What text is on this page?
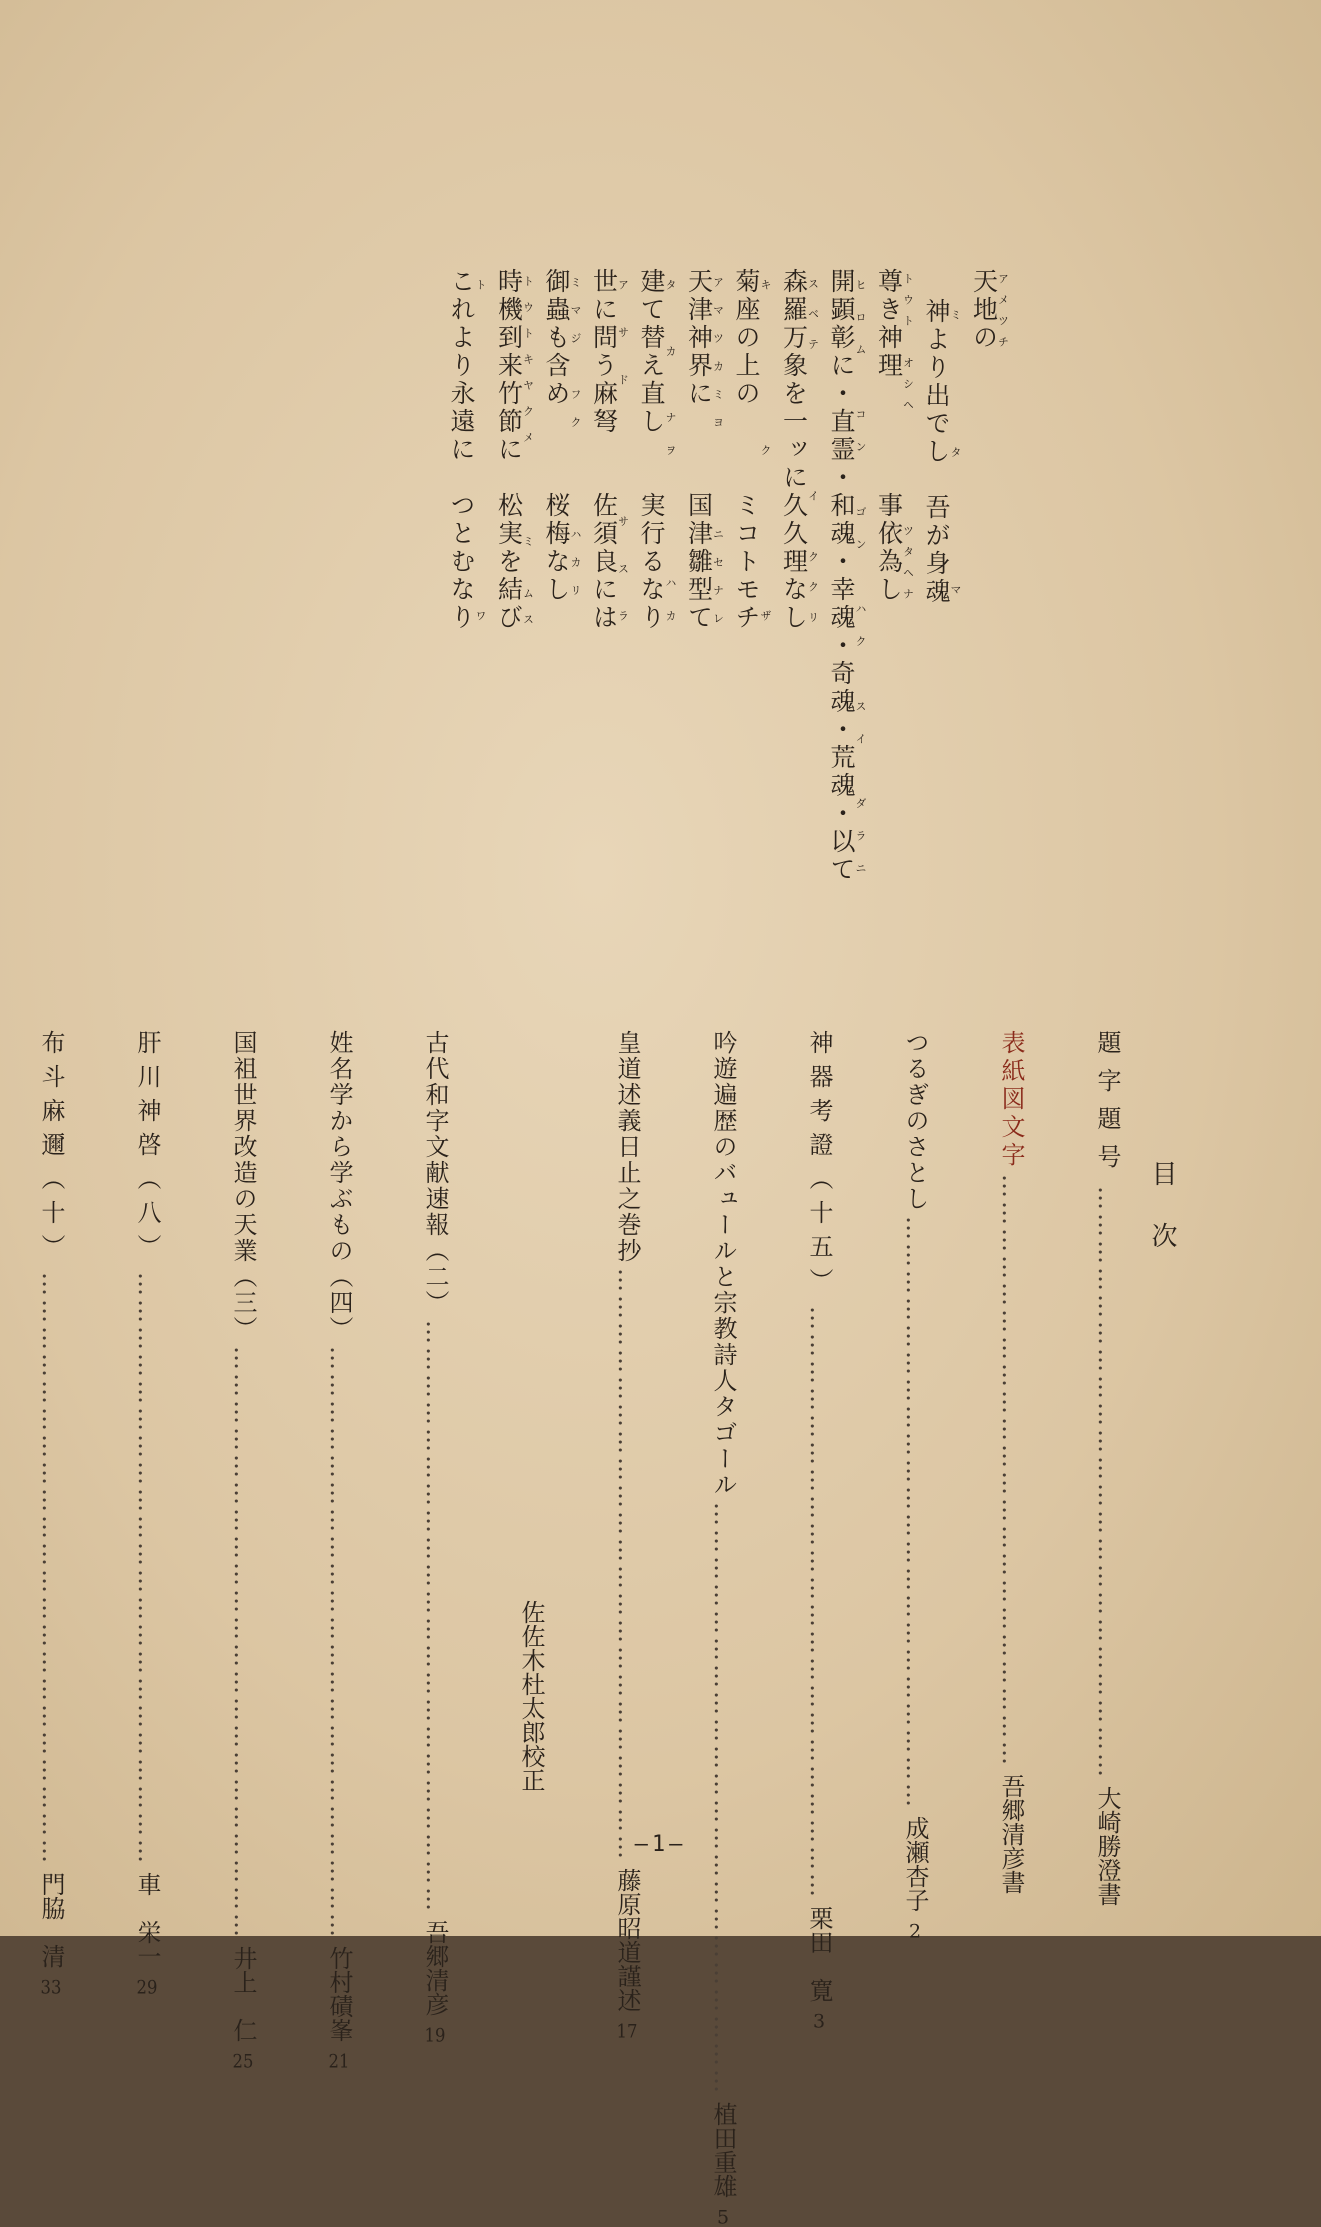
天地のアメツチ
　神より出でし　吾が身魂ミタマ
尊き神理　　　　事依為しトウト　オシヘ　　　　　ツタヘナ
開顕彰に・直霊・和魂・幸魂・奇魂・荒魂・以てヒロム　コン　ゴン　ハク　スイ　ダラニ
森羅万象を一ッに久久理なしスベテ　　　　イ　ククリ
菊座の上の　　　ミコトモチキクザ
天津神界に　　　国津雛型てアマツカミヨ　　　ニセナレ
建て替え直し　　実行るなりタ　カ　ナヲ　　　ハカ
世に問う麻弩　　佐須良にはアサド　　サスラ
御蟲も含め　　　桜梅なしミマジ　フク　　　ハカリ
時機到来竹節に　松実を結びトウトキヤクメ　　　ミ　ムス
これより永遠に　つとむなりトワ
目次
題字題号
…………………………………………………………
大崎勝澄
書
表紙図文字
…………………………………………………………
吾郷清彦
書
つるぎのさとし
…………………………………………………………
成瀬杏子
2
神器考證（十五）
…………………………………………………………
栗田　寛
3
吟遊遍歴のバュールと宗教詩人タゴール
…………………………………………………………
植田重雄
5
皇道述義日止之巻抄
…………………………………………………………
藤原昭道
謹述
17
佐佐木杜太郎
校正
古代和字文献速報（二）
…………………………………………………………
吾郷清彦
19
姓名学から学ぶもの（四）
…………………………………………………………
竹村磧峯
21
国祖世界改造の天業（三）
…………………………………………………………
井上　仁
25
肝川神啓（八）
…………………………………………………………
車　栄一
29
布斗麻邇（十）
…………………………………………………………
門脇　清
33
—1—
